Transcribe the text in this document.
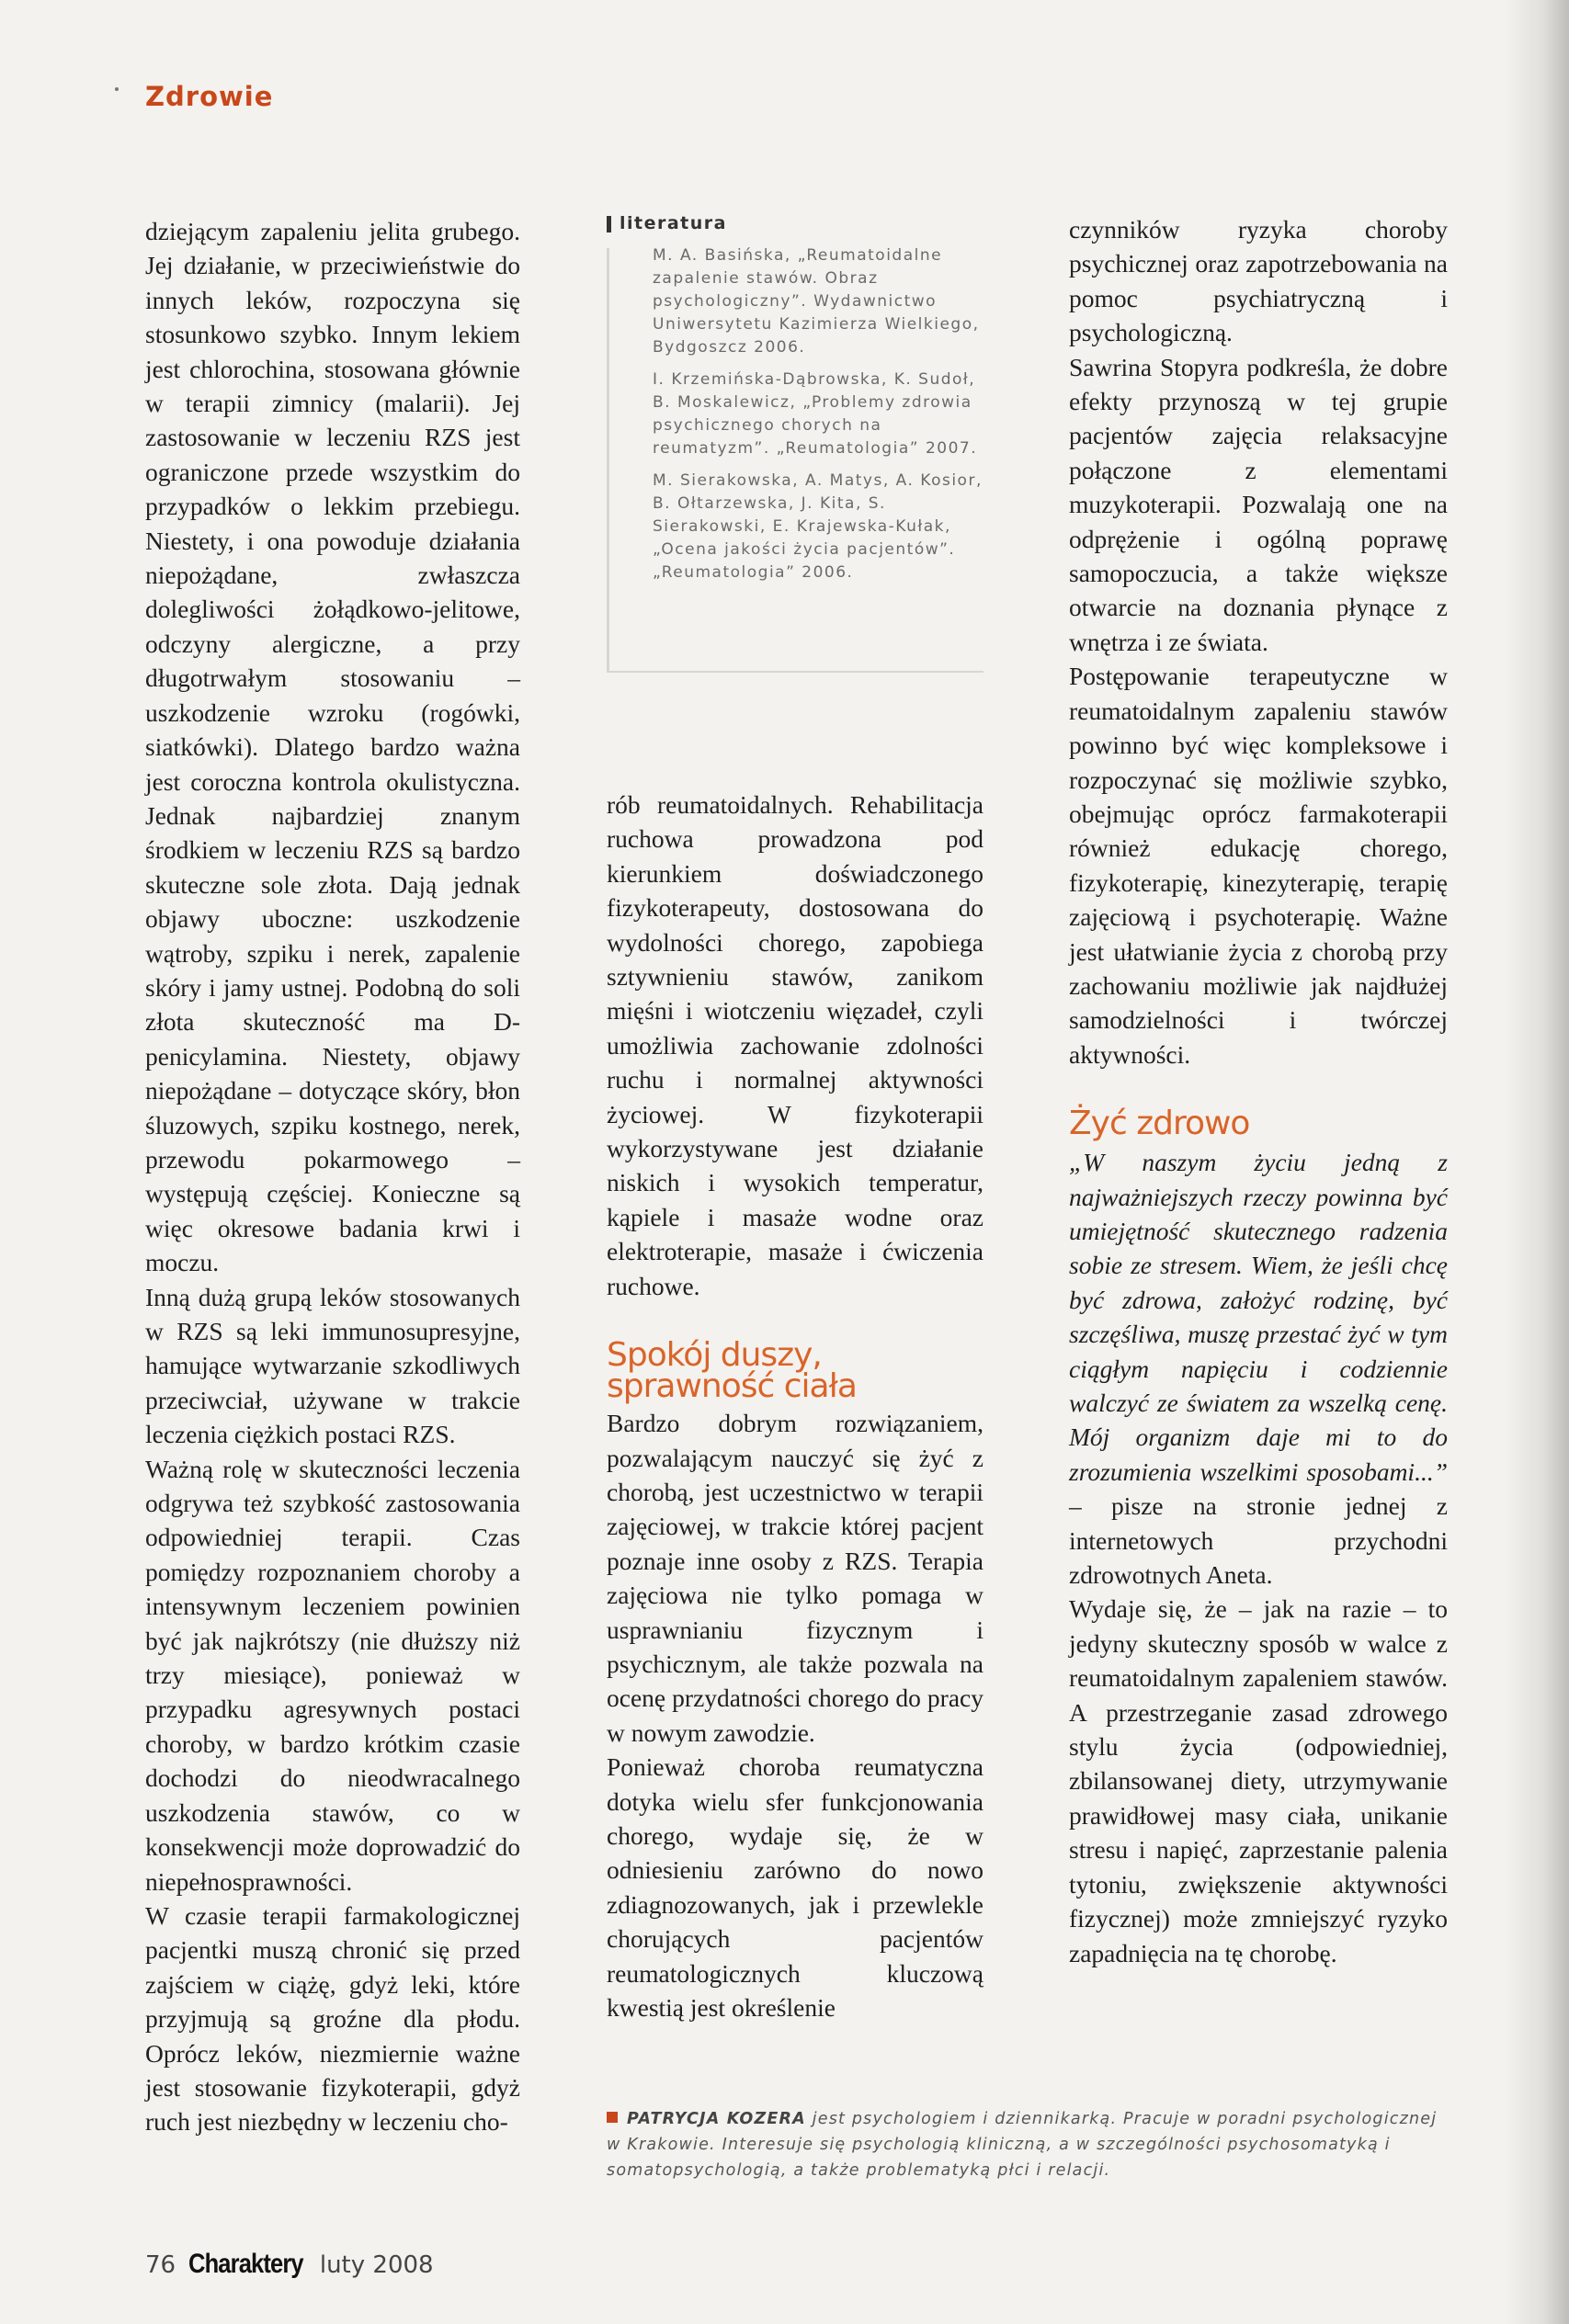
Zdrowie

dziejącym zapaleniu jelita grubego. Jej działanie, w przeciwieństwie do innych leków, rozpoczyna się stosunkowo szybko. Innym lekiem jest chlorochina, stosowana głównie w terapii zimnicy (malarii). Jej zastosowanie w leczeniu RZS jest ograniczone przede wszystkim do przypadków o lekkim przebiegu. Niestety, i ona powoduje działania niepożądane, zwłaszcza dolegliwości żołądkowo-jelitowe, odczyny alergiczne, a przy długotrwałym stosowaniu – uszkodzenie wzroku (rogówki, siatkówki). Dlatego bardzo ważna jest coroczna kontrola okulistyczna. Jednak najbardziej znanym środkiem w leczeniu RZS są bardzo skuteczne sole złota. Dają jednak objawy uboczne: uszkodzenie wątroby, szpiku i nerek, zapalenie skóry i jamy ustnej. Podobną do soli złota skuteczność ma D-penicylamina. Niestety, objawy niepożądane – dotyczące skóry, błon śluzowych, szpiku kostnego, nerek, przewodu pokarmowego – występują częściej. Konieczne są więc okresowe badania krwi i moczu.

Inną dużą grupą leków stosowanych w RZS są leki immunosupresyjne, hamujące wytwarzanie szkodliwych przeciwciał, używane w trakcie leczenia ciężkich postaci RZS.

Ważną rolę w skuteczności leczenia odgrywa też szybkość zastosowania odpowiedniej terapii. Czas pomiędzy rozpoznaniem choroby a intensywnym leczeniem powinien być jak najkrótszy (nie dłuższy niż trzy miesiące), ponieważ w przypadku agresywnych postaci choroby, w bardzo krótkim czasie dochodzi do nieodwracalnego uszkodzenia stawów, co w konsekwencji może doprowadzić do niepełnosprawności.

W czasie terapii farmakologicznej pacjentki muszą chronić się przed zajściem w ciążę, gdyż leki, które przyjmują są groźne dla płodu. Oprócz leków, niezmiernie ważne jest stosowanie fizykoterapii, gdyż ruch jest niezbędny w leczeniu cho-

literatura
M. A. Basińska, „Reumatoidalne zapalenie stawów. Obraz psychologiczny”. Wydawnictwo Uniwersytetu Kazimierza Wielkiego, Bydgoszcz 2006.
I. Krzemińska-Dąbrowska, K. Sudoł, B. Moskalewicz, „Problemy zdrowia psychicznego chorych na reumatyzm”. „Reumatologia” 2007.
M. Sierakowska, A. Matys, A. Kosior, B. Ołtarzewska, J. Kita, S. Sierakowski, E. Krajewska-Kułak, „Ocena jakości życia pacjentów”. „Reumatologia” 2006.

rób reumatoidalnych. Rehabilitacja ruchowa prowadzona pod kierunkiem doświadczonego fizykoterapeuty, dostosowana do wydolności chorego, zapobiega sztywnieniu stawów, zanikom mięśni i wiotczeniu więzadeł, czyli umożliwia zachowanie zdolności ruchu i normalnej aktywności życiowej. W fizykoterapii wykorzystywane jest działanie niskich i wysokich temperatur, kąpiele i masaże wodne oraz elektroterapie, masaże i ćwiczenia ruchowe.

Spokój duszy,
sprawność ciała

Bardzo dobrym rozwiązaniem, pozwalającym nauczyć się żyć z chorobą, jest uczestnictwo w terapii zajęciowej, w trakcie której pacjent poznaje inne osoby z RZS. Terapia zajęciowa nie tylko pomaga w usprawnianiu fizycznym i psychicznym, ale także pozwala na ocenę przydatności chorego do pracy w nowym zawodzie.

Ponieważ choroba reumatyczna dotyka wielu sfer funkcjonowania chorego, wydaje się, że w odniesieniu zarówno do nowo zdiagnozowanych, jak i przewlekle chorujących pacjentów reumatologicznych kluczową kwestią jest określenie

czynników ryzyka choroby psychicznej oraz zapotrzebowania na pomoc psychiatryczną i psychologiczną.

Sawrina Stopyra podkreśla, że dobre efekty przynoszą w tej grupie pacjentów zajęcia relaksacyjne połączone z elementami muzykoterapii. Pozwalają one na odprężenie i ogólną poprawę samopoczucia, a także większe otwarcie na doznania płynące z wnętrza i ze świata.

Postępowanie terapeutyczne w reumatoidalnym zapaleniu stawów powinno być więc kompleksowe i rozpoczynać się możliwie szybko, obejmując oprócz farmakoterapii również edukację chorego, fizykoterapię, kinezyterapię, terapię zajęciową i psychoterapię. Ważne jest ułatwianie życia z chorobą przy zachowaniu możliwie jak najdłużej samodzielności i twórczej aktywności.

Żyć zdrowo

„W naszym życiu jedną z najważniejszych rzeczy powinna być umiejętność skutecznego radzenia sobie ze stresem. Wiem, że jeśli chcę być zdrowa, założyć rodzinę, być szczęśliwa, muszę przestać żyć w tym ciągłym napięciu i codziennie walczyć ze światem za wszelką cenę. Mój organizm daje mi to do zrozumienia wszelkimi sposobami...” – pisze na stronie jednej z internetowych przychodni zdrowotnych Aneta.

Wydaje się, że – jak na razie – to jedyny skuteczny sposób w walce z reumatoidalnym zapaleniem stawów. A przestrzeganie zasad zdrowego stylu życia (odpowiedniej, zbilansowanej diety, utrzymywanie prawidłowej masy ciała, unikanie stresu i napięć, zaprzestanie palenia tytoniu, zwiększenie aktywności fizycznej) może zmniejszyć ryzyko zapadnięcia na tę chorobę.

PATRYCJA KOZERA jest psychologiem i dziennikarką. Pracuje w poradni psychologicznej w Krakowie. Interesuje się psychologią kliniczną, a w szczególności psychosomatyką i somatopsychologią, a także problematyką płci i relacji.
76 Charaktery luty 2008
